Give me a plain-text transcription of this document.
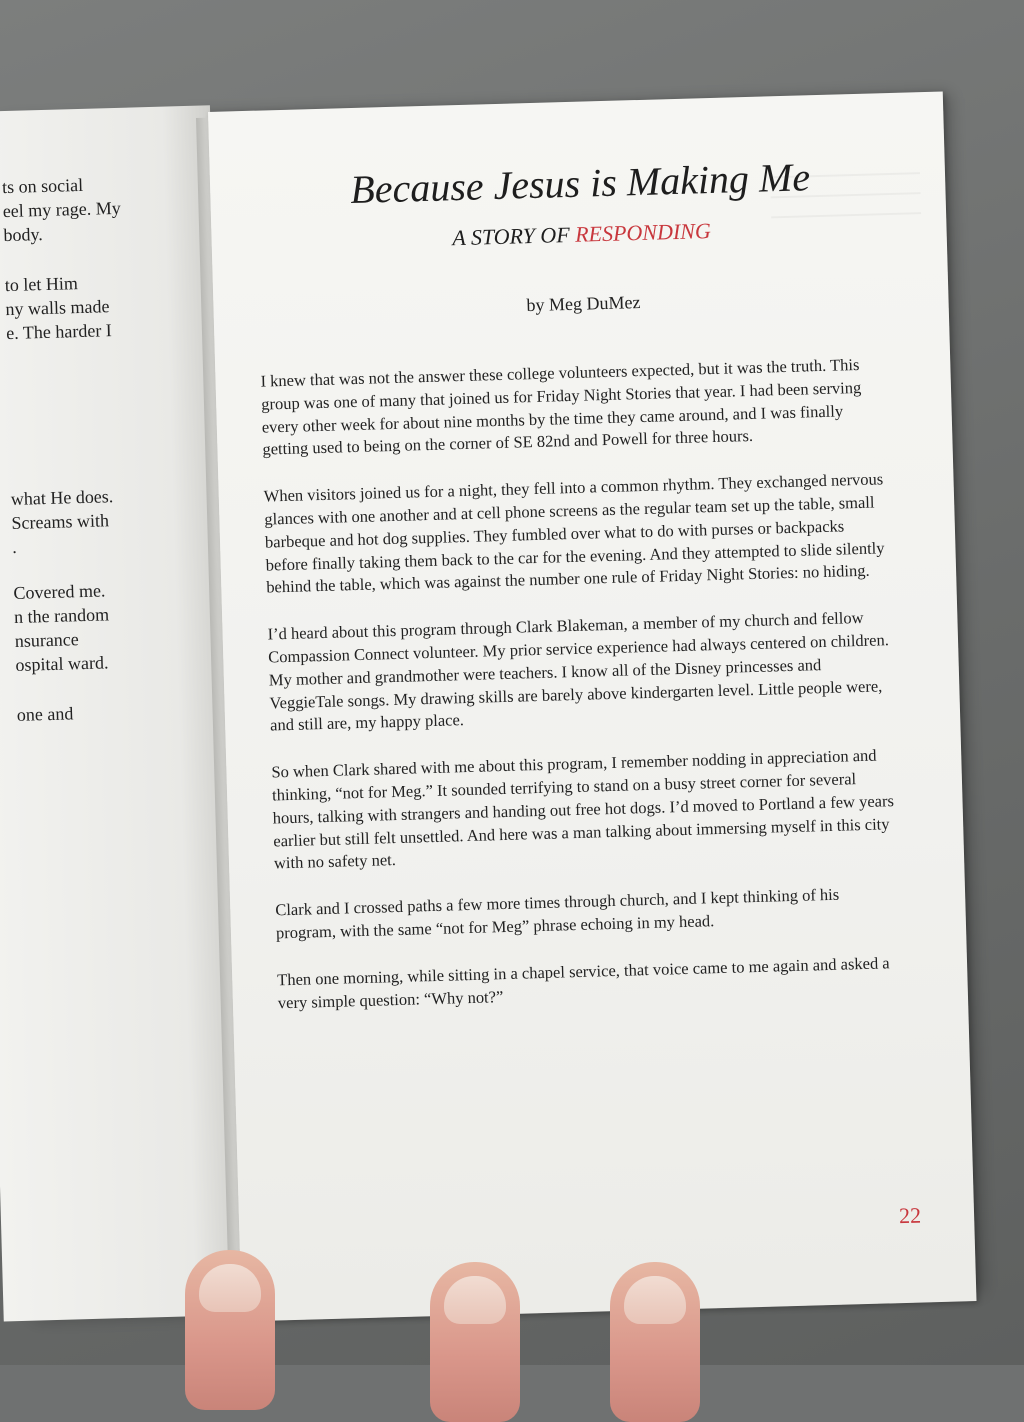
ts on social
eel my rage. My
body.
to let Him
ny walls made
e. The harder I
what He does.
Screams with
.
Covered me.
n the random
nsurance
ospital ward.
one and
Because Jesus is Making Me
A STORY OF RESPONDING
by Meg DuMez

I knew that was not the answer these college volunteers expected, but it was the truth. This group was one of many that joined us for Friday Night Stories that year. I had been serving every other week for about nine months by the time they came around, and I was finally getting used to being on the corner of SE 82nd and Powell for three hours.

When visitors joined us for a night, they fell into a common rhythm. They exchanged nervous glances with one another and at cell phone screens as the regular team set up the table, small barbeque and hot dog supplies. They fumbled over what to do with purses or backpacks before finally taking them back to the car for the evening. And they attempted to slide silently behind the table, which was against the number one rule of Friday Night Stories: no hiding.

I’d heard about this program through Clark Blakeman, a member of my church and fellow Compassion Connect volunteer. My prior service experience had always centered on children. My mother and grandmother were teachers. I know all of the Disney princesses and VeggieTale songs. My drawing skills are barely above kindergarten level. Little people were, and still are, my happy place.

So when Clark shared with me about this program, I remember nodding in appreciation and thinking, “not for Meg.” It sounded terrifying to stand on a busy street corner for several hours, talking with strangers and handing out free hot dogs. I’d moved to Portland a few years earlier but still felt unsettled. And here was a man talking about immersing myself in this city with no safety net.

Clark and I crossed paths a few more times through church, and I kept thinking of his program, with the same “not for Meg” phrase echoing in my head.

Then one morning, while sitting in a chapel service, that voice came to me again and asked a very simple question: “Why not?”

22
